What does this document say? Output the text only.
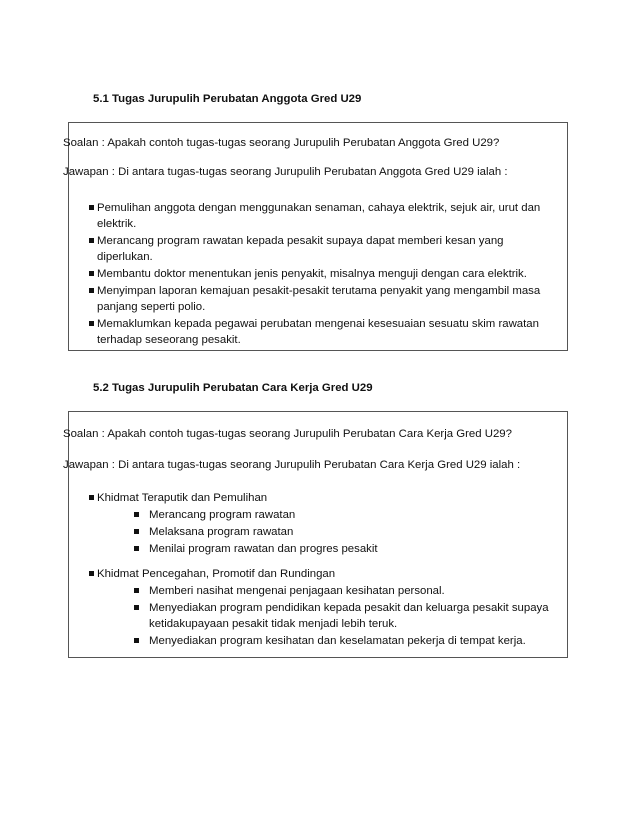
5.1 Tugas Jurupulih Perubatan Anggota Gred U29
Soalan : Apakah contoh tugas-tugas seorang Jurupulih Perubatan Anggota Gred U29?
Jawapan : Di antara tugas-tugas seorang Jurupulih Perubatan Anggota Gred U29 ialah :
Pemulihan anggota dengan menggunakan senaman, cahaya elektrik, sejuk air, urut dan
elektrik.
Merancang program rawatan kepada pesakit supaya dapat memberi kesan yang
diperlukan.
Membantu doktor menentukan jenis penyakit, misalnya menguji dengan cara elektrik.
Menyimpan laporan kemajuan pesakit-pesakit terutama penyakit yang mengambil masa
panjang seperti polio.
Memaklumkan kepada pegawai perubatan mengenai kesesuaian sesuatu skim rawatan
terhadap seseorang pesakit.
5.2 Tugas Jurupulih Perubatan Cara Kerja Gred U29
Soalan : Apakah contoh tugas-tugas seorang Jurupulih Perubatan Cara Kerja Gred U29?
Jawapan : Di antara tugas-tugas seorang Jurupulih Perubatan Cara Kerja Gred U29 ialah :
Khidmat Teraputik dan Pemulihan
Merancang program rawatan
Melaksana program rawatan
Menilai program rawatan dan progres pesakit
Khidmat Pencegahan, Promotif dan Rundingan
Memberi nasihat mengenai penjagaan kesihatan personal.
Menyediakan program pendidikan kepada pesakit dan keluarga pesakit supaya
ketidakupayaan pesakit tidak menjadi lebih teruk.
Menyediakan program kesihatan dan keselamatan pekerja di tempat kerja.
